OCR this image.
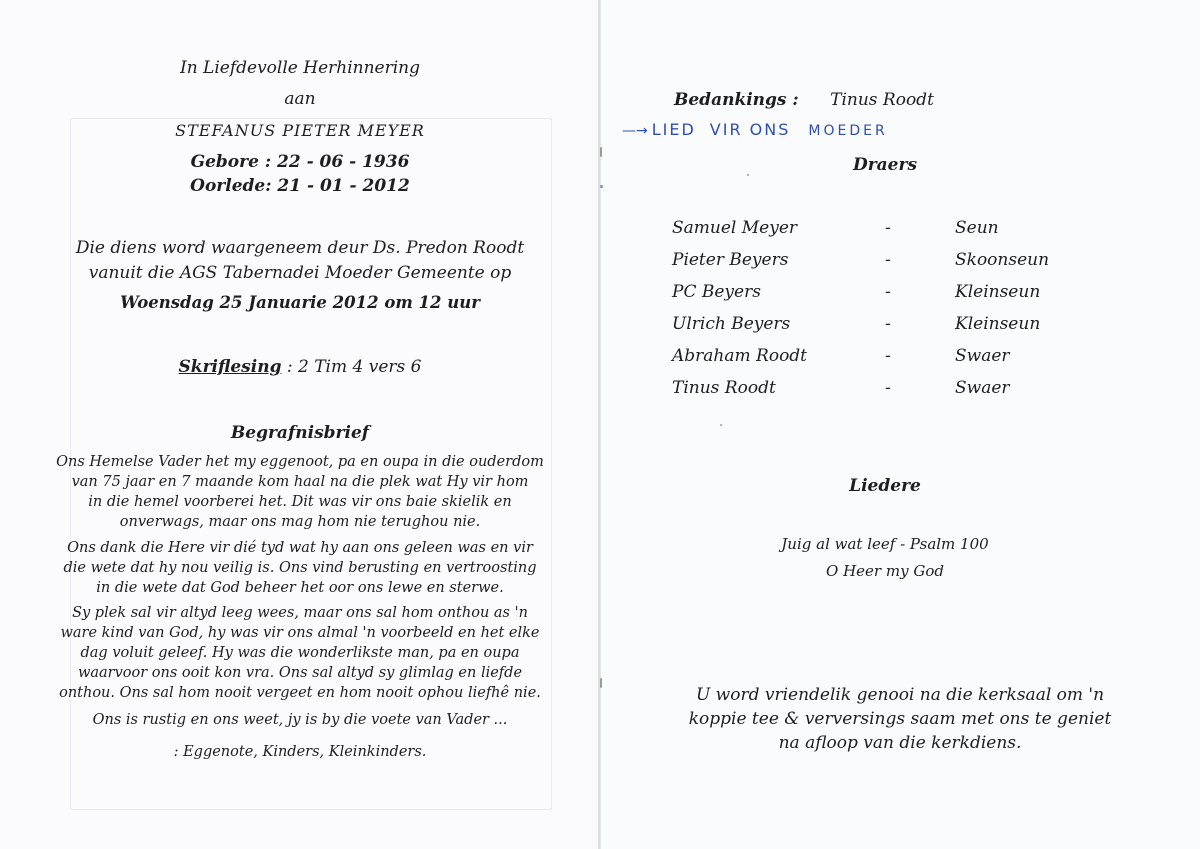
In Liefdevolle Herhinnering
aan
STEFANUS PIETER MEYER
Gebore : 22 - 06 - 1936
Oorlede: 21 - 01 - 2012
Die diens word waargeneem deur Ds. Predon Roodt
vanuit die AGS Tabernadei Moeder Gemeente op
Woensdag 25 Januarie 2012 om 12 uur
Skriflesing : 2 Tim 4 vers 6
Begrafnisbrief
Ons Hemelse Vader het my eggenoot, pa en oupa in die ouderdom
van 75 jaar en 7 maande kom haal na die plek wat Hy vir hom
in die hemel voorberei het. Dit was vir ons baie skielik en
onverwags, maar ons mag hom nie terughou nie.
Ons dank die Here vir dié tyd wat hy aan ons geleen was en vir
die wete dat hy nou veilig is. Ons vind berusting en vertroosting
in die wete dat God beheer het oor ons lewe en sterwe.
Sy plek sal vir altyd leeg wees, maar ons sal hom onthou as 'n
ware kind van God, hy was vir ons almal 'n voorbeeld en het elke
dag voluit geleef. Hy was die wonderlikste man, pa en oupa
waarvoor ons ooit kon vra. Ons sal altyd sy glimlag en liefde
onthou. Ons sal hom nooit vergeet en hom nooit ophou liefhê nie.
Ons is rustig en ons weet, jy is by die voete van Vader ...
: Eggenote, Kinders, Kleinkinders.
Bedankings : Tinus Roodt
—→ LIED VIR ONS MOEDER
Draers
Samuel Meyer	-	Seun
Pieter Beyers	-	Skoonseun
PC Beyers	-	Kleinseun
Ulrich Beyers	-	Kleinseun
Abraham Roodt	-	Swaer
Tinus Roodt	-	Swaer
Liedere
Juig al wat leef - Psalm 100
O Heer my God
U word vriendelik genooi na die kerksaal om 'n
koppie tee & verversings saam met ons te geniet
na afloop van die kerkdiens.
